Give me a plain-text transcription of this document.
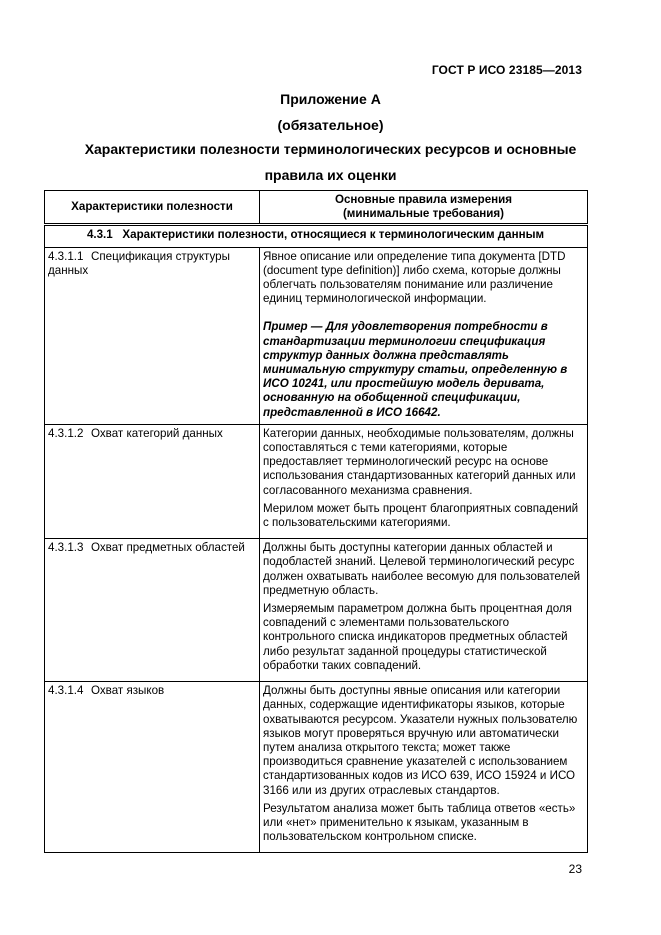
ГОСТ Р ИСО 23185—2013
Приложение А
(обязательное)
Характеристики полезности терминологических ресурсов и основные
правила их оценки
Характеристики полезности	Основные правила измерения
(минимальные требования)

4.3.1   Характеристики полезности, относящиеся к терминологическим данным	
4.3.1.1 Спецификация структуры данных	Явное описание или определение типа документа [DTD (document type definition)] либо схема, которые должны облегчать пользователям понимание или различение единиц терминологической информации.

Пример — Для удовлетворения потребности в стандартизации терминологии спецификация структур данных должна представлять минимальную структуру статьи, определенную в ИСО 10241, или простейшую модель деривата, основанную на обобщенной спецификации, представленной в ИСО 16642.

4.3.1.2 Охват категорий данных	Категории данных, необходимые пользователям, должны сопоставляться с теми категориями, которые предоставляет терминологический ресурс на основе использования стандартизованных категорий данных или согласованного механизма сравнения.

Мерилом может быть процент благоприятных совпадений с пользовательскими категориями.

4.3.1.3 Охват предметных областей	Должны быть доступны категории данных областей и подобластей знаний. Целевой терминологический ресурс должен охватывать наиболее весомую для пользователей предметную область.

Измеряемым параметром должна быть процентная доля совпадений с элементами пользовательского контрольного списка индикаторов предметных областей либо результат заданной процедуры статистической обработки таких совпадений.

4.3.1.4 Охват языков	Должны быть доступны явные описания или категории данных, содержащие идентификаторы языков, которые охватываются ресурсом. Указатели нужных пользователю языков могут проверяться вручную или автоматически путем анализа открытого текста; может также производиться сравнение указателей с использованием стандартизованных кодов из ИСО 639, ИСО 15924 и ИСО 3166 или из других отраслевых стандартов.

Результатом анализа может быть таблица ответов «есть» или «нет» применительно к языкам, указанным в пользовательском контрольном списке.

23
